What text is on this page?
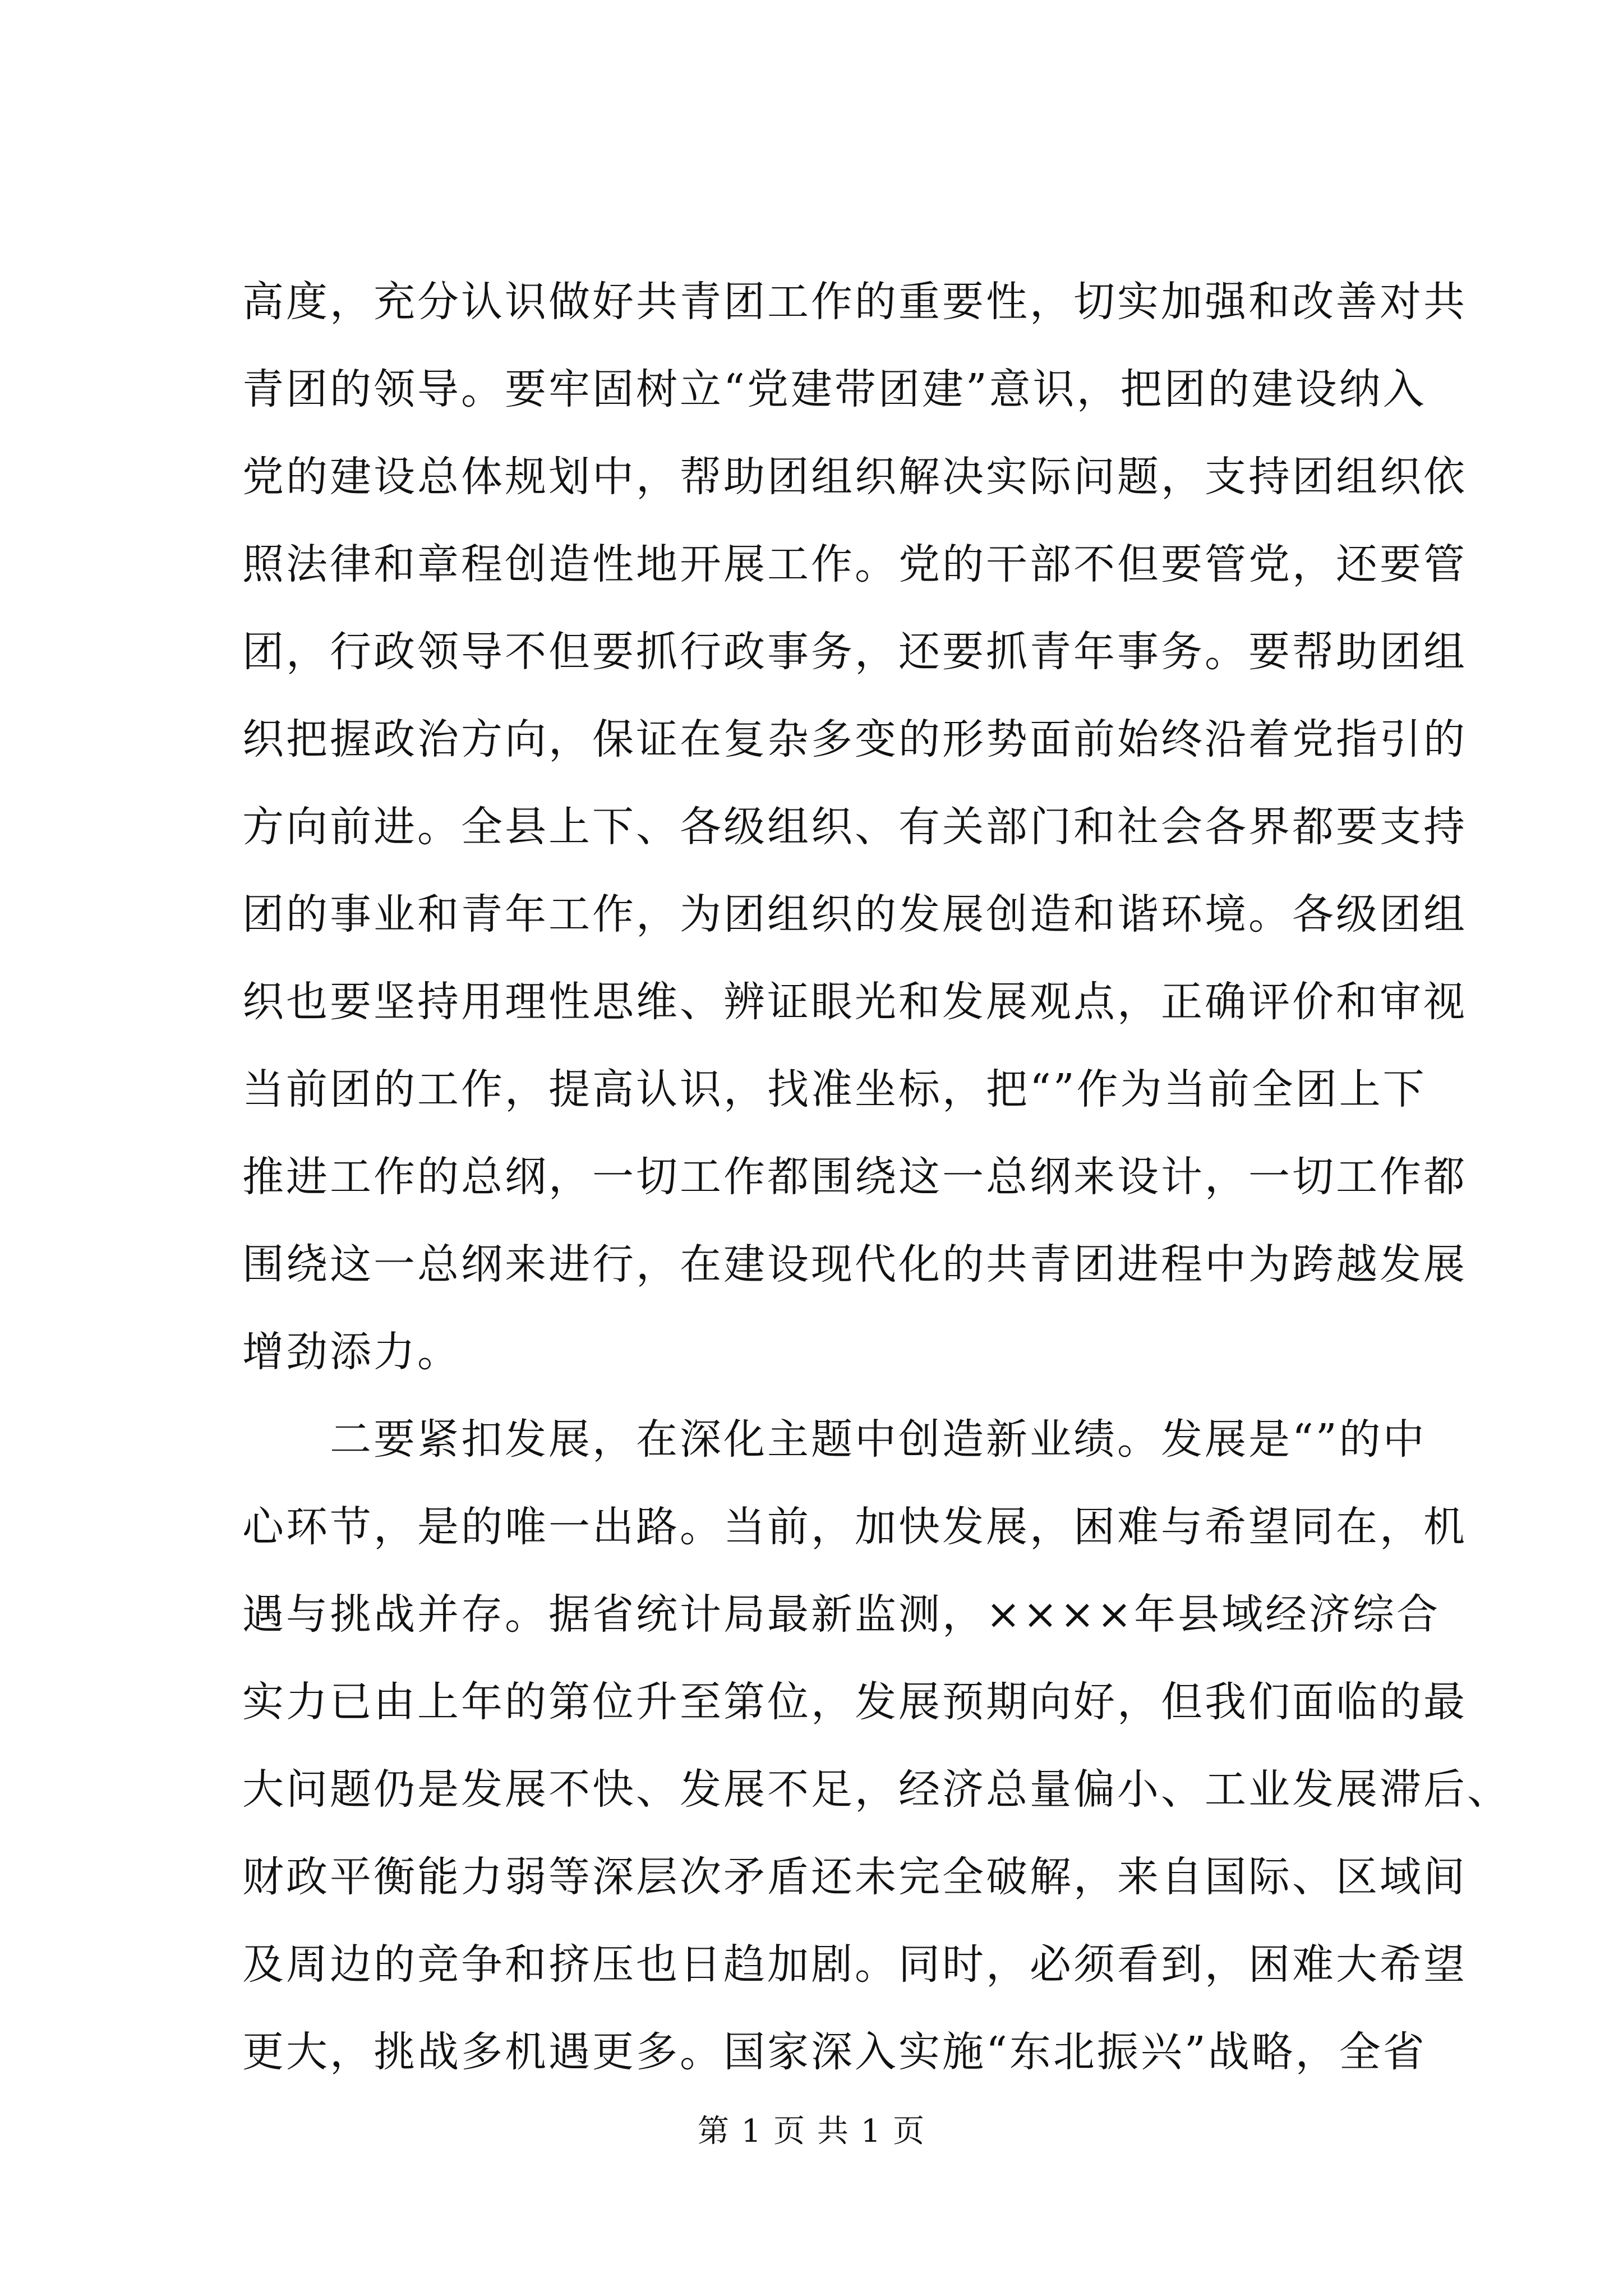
高度，充分认识做好共青团工作的重要性，切实加强和改善对共
青团的领导。要牢固树立“党建带团建”意识，把团的建设纳入
党的建设总体规划中，帮助团组织解决实际问题，支持团组织依
照法律和章程创造性地开展工作。党的干部不但要管党，还要管
团，行政领导不但要抓行政事务，还要抓青年事务。要帮助团组
织把握政治方向，保证在复杂多变的形势面前始终沿着党指引的
方向前进。全县上下、各级组织、有关部门和社会各界都要支持
团的事业和青年工作，为团组织的发展创造和谐环境。各级团组
织也要坚持用理性思维、辨证眼光和发展观点，正确评价和审视
当前团的工作，提高认识，找准坐标，把“”作为当前全团上下
推进工作的总纲，一切工作都围绕这一总纲来设计，一切工作都
围绕这一总纲来进行，在建设现代化的共青团进程中为跨越发展
增劲添力。
二要紧扣发展，在深化主题中创造新业绩。发展是“”的中
心环节，是的唯一出路。当前，加快发展，困难与希望同在，机
遇与挑战并存。据省统计局最新监测，××××年县域经济综合
实力已由上年的第位升至第位，发展预期向好，但我们面临的最
大问题仍是发展不快、发展不足，经济总量偏小、工业发展滞后、
财政平衡能力弱等深层次矛盾还未完全破解，来自国际、区域间
及周边的竞争和挤压也日趋加剧。同时，必须看到，困难大希望
更大，挑战多机遇更多。国家深入实施“东北振兴”战略，全省
第 1 页 共 1 页
